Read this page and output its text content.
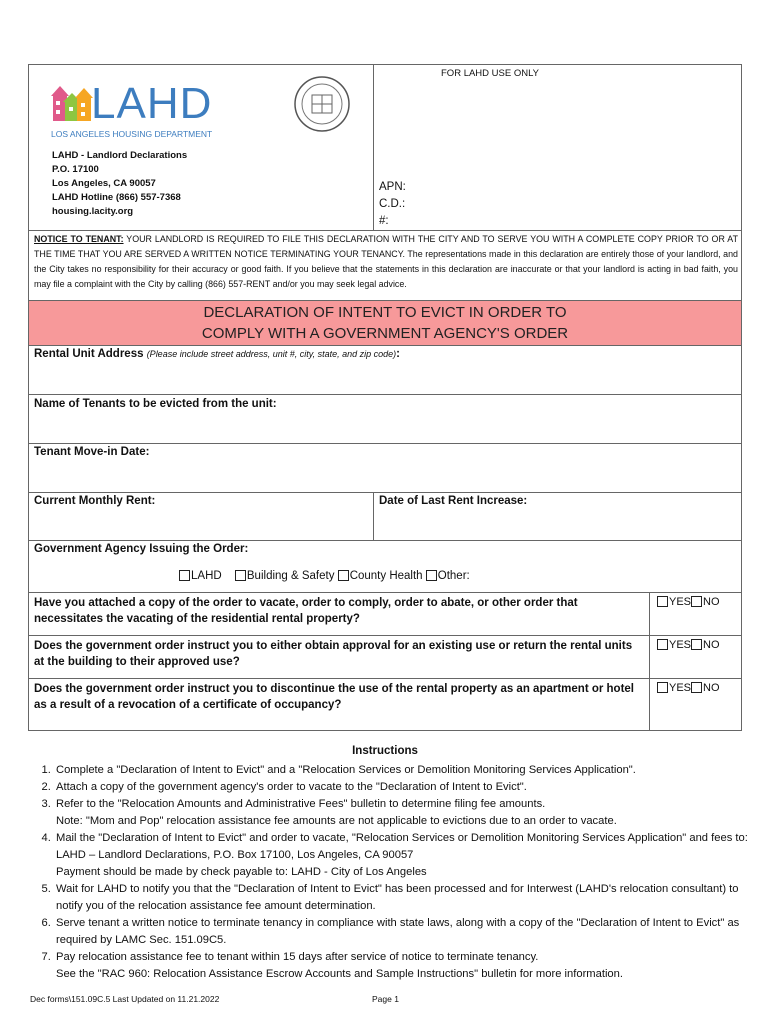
FOR LAHD USE ONLY
LAHD
LOS ANGELES HOUSING DEPARTMENT
LAHD - Landlord Declarations
P.O. 17100
Los Angeles, CA 90057
LAHD Hotline (866) 557-7368
housing.lacity.org
APN:
C.D.:
#:
NOTICE TO TENANT: YOUR LANDLORD IS REQUIRED TO FILE THIS DECLARATION WITH THE CITY AND TO SERVE YOU WITH A COMPLETE COPY PRIOR TO OR AT THE TIME THAT YOU ARE SERVED A WRITTEN NOTICE TERMINATING YOUR TENANCY. The representations made in this declaration are entirely those of your landlord, and the City takes no responsibility for their accuracy or good faith. If you believe that the statements in this declaration are inaccurate or that your landlord is acting in bad faith, you may file a complaint with the City by calling (866) 557-RENT and/or you may seek legal advice.
DECLARATION OF INTENT TO EVICT IN ORDER TO
COMPLY WITH A GOVERNMENT AGENCY'S ORDER
Rental Unit Address (Please include street address, unit #, city, state, and zip code):
Name of Tenants to be evicted from the unit:
Tenant Move-in Date:
Current Monthly Rent:	Date of Last Rent Increase:
Government Agency Issuing the Order:
LAHD Building & Safety County Health Other:
Have you attached a copy of the order to vacate, order to comply, order to abate, or other order that necessitates the vacating of the residential rental property?
YES NO
Does the government order instruct you to either obtain approval for an existing use or return the rental units at the building to their approved use?
YES NO
Does the government order instruct you to discontinue the use of the rental property as an apartment or hotel as a result of a revocation of a certificate of occupancy?
YES NO
Instructions
1. Complete a "Declaration of Intent to Evict" and a "Relocation Services or Demolition Monitoring Services Application".
2. Attach a copy of the government agency's order to vacate to the "Declaration of Intent to Evict".
3. Refer to the "Relocation Amounts and Administrative Fees" bulletin to determine filing fee amounts.
Note: "Mom and Pop" relocation assistance fee amounts are not applicable to evictions due to an order to vacate.
4. Mail the "Declaration of Intent to Evict" and order to vacate, "Relocation Services or Demolition Monitoring Services Application" and fees to: LAHD – Landlord Declarations, P.O. Box 17100, Los Angeles, CA 90057
Payment should be made by check payable to: LAHD - City of Los Angeles
5. Wait for LAHD to notify you that the "Declaration of Intent to Evict" has been processed and for Interwest (LAHD's relocation consultant) to notify you of the relocation assistance fee amount determination.
6. Serve tenant a written notice to terminate tenancy in compliance with state laws, along with a copy of the "Declaration of Intent to Evict" as required by LAMC Sec. 151.09C5.
7. Pay relocation assistance fee to tenant within 15 days after service of notice to terminate tenancy.
See the "RAC 960: Relocation Assistance Escrow Accounts and Sample Instructions" bulletin for more information.
Dec forms\151.09C.5 Last Updated on 11.21.2022	Page 1
